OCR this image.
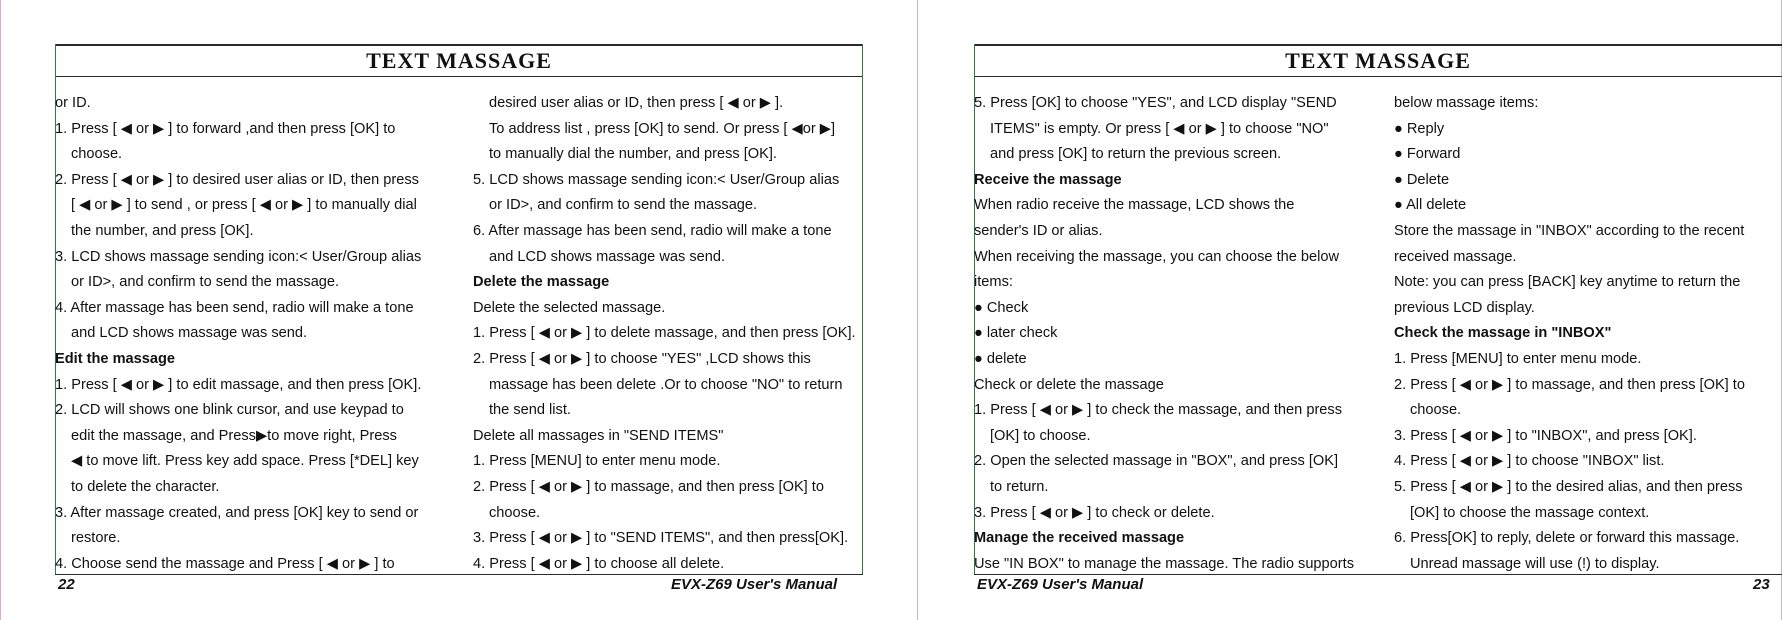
TEXT MASSAGE
or ID.
1. Press [ ◀ or ▶ ] to forward ,and then press [OK] to
choose.
2. Press [ ◀ or ▶ ] to desired user alias or ID, then press
[ ◀ or ▶ ] to send , or press [ ◀ or ▶ ] to manually dial
the number, and press [OK].
3. LCD shows massage sending icon:< User/Group alias
or ID>, and confirm to send the massage.
4. After massage has been send, radio will make a tone
and LCD shows massage was send.
Edit the massage
1. Press [ ◀ or ▶ ] to edit massage, and then press [OK].
2. LCD will shows one blink cursor, and use keypad to
edit the massage, and Press▶to move right, Press
◀ to move lift. Press key add space. Press [*DEL] key
to delete the character.
3. After massage created, and press [OK] key to send or
restore.
4. Choose send the massage and Press [ ◀ or ▶ ] to
desired user alias or ID, then press [ ◀ or ▶ ].
To address list , press [OK] to send. Or press [ ◀or ▶]
to manually dial the number, and press [OK].
5. LCD shows massage sending icon:< User/Group alias
or ID>, and confirm to send the massage.
6. After massage has been send, radio will make a tone
and LCD shows massage was send.
Delete the massage
Delete the selected massage.
1. Press [ ◀ or ▶ ] to delete massage, and then press [OK].
2. Press [ ◀ or ▶ ] to choose "YES" ,LCD shows this
massage has been delete .Or to choose "NO" to return
the send list.
Delete all massages in "SEND ITEMS"
1. Press [MENU] to enter menu mode.
2. Press [ ◀ or ▶ ] to massage, and then press [OK] to
choose.
3. Press [ ◀ or ▶ ] to "SEND ITEMS", and then press[OK].
4. Press [ ◀ or ▶ ] to choose all delete.
22	EVX-Z69 User's Manual
TEXT MASSAGE
5. Press [OK] to choose "YES", and LCD display "SEND
ITEMS" is empty. Or press [ ◀ or ▶ ] to choose "NO"
and press [OK] to return the previous screen.
Receive the massage
When radio receive the massage, LCD shows the
sender's ID or alias.
When receiving the massage, you can choose the below
items:
● Check
● later check
● delete
Check or delete the massage
1. Press [ ◀ or ▶ ] to check the massage, and then press
[OK] to choose.
2. Open the selected massage in "BOX", and press [OK]
to return.
3. Press [ ◀ or ▶ ] to check or delete.
Manage the received massage
Use "IN BOX" to manage the massage. The radio supports
below massage items:
● Reply
● Forward
● Delete
● All delete
Store the massage in "INBOX" according to the recent
received massage.
Note: you can press [BACK] key anytime to return the
previous LCD display.
Check the massage in "INBOX"
1. Press [MENU] to enter menu mode.
2. Press [ ◀ or ▶ ] to massage, and then press [OK] to
choose.
3. Press [ ◀ or ▶ ] to "INBOX", and press [OK].
4. Press [ ◀ or ▶ ] to choose "INBOX" list.
5. Press [ ◀ or ▶ ] to the desired alias, and then press
[OK] to choose the massage context.
6. Press[OK] to reply, delete or forward this massage.
Unread massage will use (!) to display.
EVX-Z69 User's Manual	23
